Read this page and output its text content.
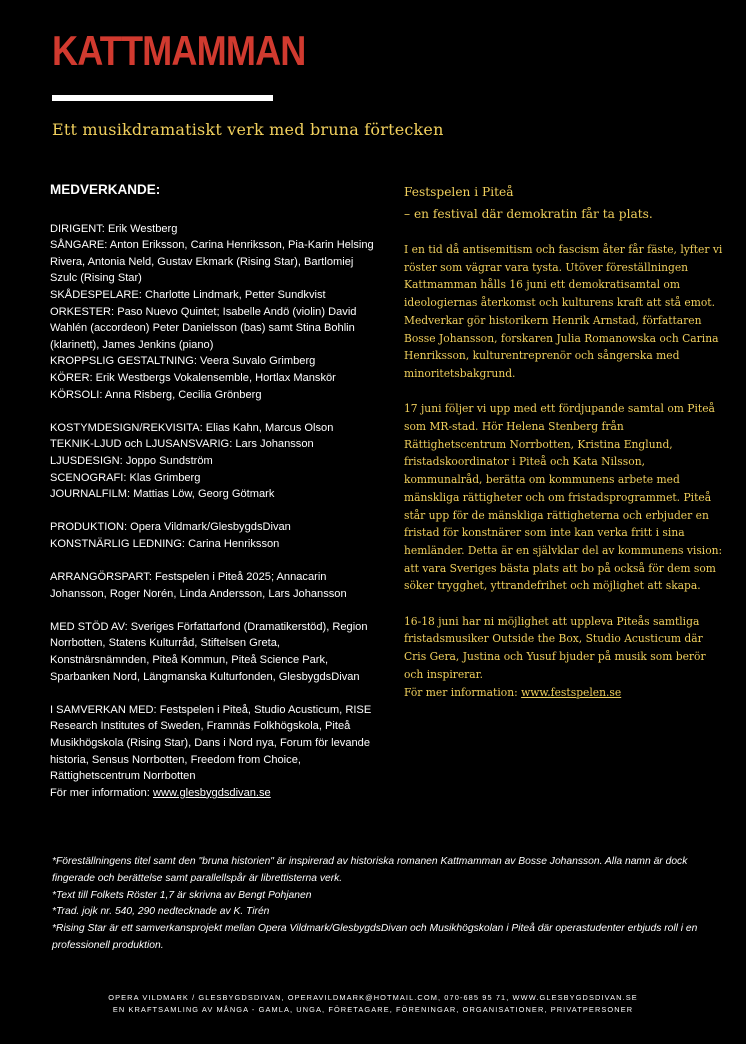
KATTMAMMAN
Ett musikdramatiskt verk med bruna förtecken
MEDVERKANDE:

DIRIGENT: Erik Westberg

SÅNGARE: Anton Eriksson, Carina Henriksson, Pia-Karin Helsing Rivera, Antonia Neld, Gustav Ekmark (Rising Star), Bartlomiej Szulc (Rising Star)

SKÅDESPELARE: Charlotte Lindmark, Petter Sundkvist

ORKESTER: Paso Nuevo Quintet; Isabelle Andö (violin) David Wahlén (accordeon) Peter Danielsson (bas) samt Stina Bohlin (klarinett), James Jenkins (piano)

KROPPSLIG GESTALTNING: Veera Suvalo Grimberg

KÖRER: Erik Westbergs Vokalensemble, Hortlax Manskör

KÖRSOLI: Anna Risberg, Cecilia Grönberg

KOSTYMDESIGN/REKVISITA: Elias Kahn, Marcus Olson

TEKNIK-LJUD och LJUSANSVARIG: Lars Johansson

LJUSDESIGN: Joppo Sundström

SCENOGRAFI: Klas Grimberg

JOURNALFILM: Mattias Löw, Georg Götmark

PRODUKTION: Opera Vildmark/GlesbygdsDivan

KONSTNÄRLIG LEDNING: Carina Henriksson

ARRANGÖRSPART: Festspelen i Piteå 2025; Annacarin Johansson, Roger Norén, Linda Andersson, Lars Johansson

MED STÖD AV: Sveriges Författarfond (Dramatikerstöd), Region Norrbotten, Statens Kulturråd, Stiftelsen Greta, Konstnärsnämnden, Piteå Kommun, Piteå Science Park, Sparbanken Nord, Längmanska Kulturfonden, GlesbygdsDivan

I SAMVERKAN MED: Festspelen i Piteå, Studio Acusticum, RISE Research Institutes of Sweden, Framnäs Folkhögskola, Piteå Musikhögskola (Rising Star), Dans i Nord nya, Forum för levande historia, Sensus Norrbotten, Freedom from Choice, Rättighetscentrum Norrbotten

För mer information: www.glesbygdsdivan.se

Festspelen i Piteå

– en festival där demokratin får ta plats.

I en tid då antisemitism och fascism åter får fäste, lyfter vi röster som vägrar vara tysta. Utöver föreställningen Kattmamman hålls 16 juni ett demokratisamtal om ideologiernas återkomst och kulturens kraft att stå emot. Medverkar gör historikern Henrik Arnstad, författaren Bosse Johansson, forskaren Julia Romanowska och Carina Henriksson, kulturentreprenör och sångerska med minoritetsbakgrund.

17 juni följer vi upp med ett fördjupande samtal om Piteå som MR-stad. Hör Helena Stenberg från Rättighetscentrum Norrbotten, Kristina Englund, fristadskoordinator i Piteå och Kata Nilsson, kommunalråd, berätta om kommunens arbete med mänskliga rättigheter och om fristadsprogrammet. Piteå står upp för de mänskliga rättigheterna och erbjuder en fristad för konstnärer som inte kan verka fritt i sina hemländer. Detta är en självklar del av kommunens vision: att vara Sveriges bästa plats att bo på också för dem som söker trygghet, yttrandefrihet och möjlighet att skapa.

16-18 juni har ni möjlighet att uppleva Piteås samtliga fristadsmusiker Outside the Box, Studio Acusticum där Cris Gera, Justina och Yusuf bjuder på musik som berör och inspirerar.

För mer information: www.festspelen.se

*Föreställningens titel samt den "bruna historien" är inspirerad av historiska romanen Kattmamman av Bosse Johansson. Alla namn är dock fingerade och berättelse samt parallellspår är librettisterna verk.

*Text till Folkets Röster 1,7 är skrivna av Bengt Pohjanen

*Trad. jojk nr. 540, 290 nedtecknade av K. Tirén

*Rising Star är ett samverkansprojekt mellan Opera Vildmark/GlesbygdsDivan och Musikhögskolan i Piteå där operastudenter erbjuds roll i en professionell produktion.

OPERA VILDMARK / GLESBYGDSDIVAN, OPERAVILDMARK@HOTMAIL.COM, 070-685 95 71, WWW.GLESBYGDSDIVAN.SE

EN KRAFTSAMLING AV MÅNGA - GAMLA, UNGA, FÖRETAGARE, FÖRENINGAR, ORGANISATIONER, PRIVATPERSONER
